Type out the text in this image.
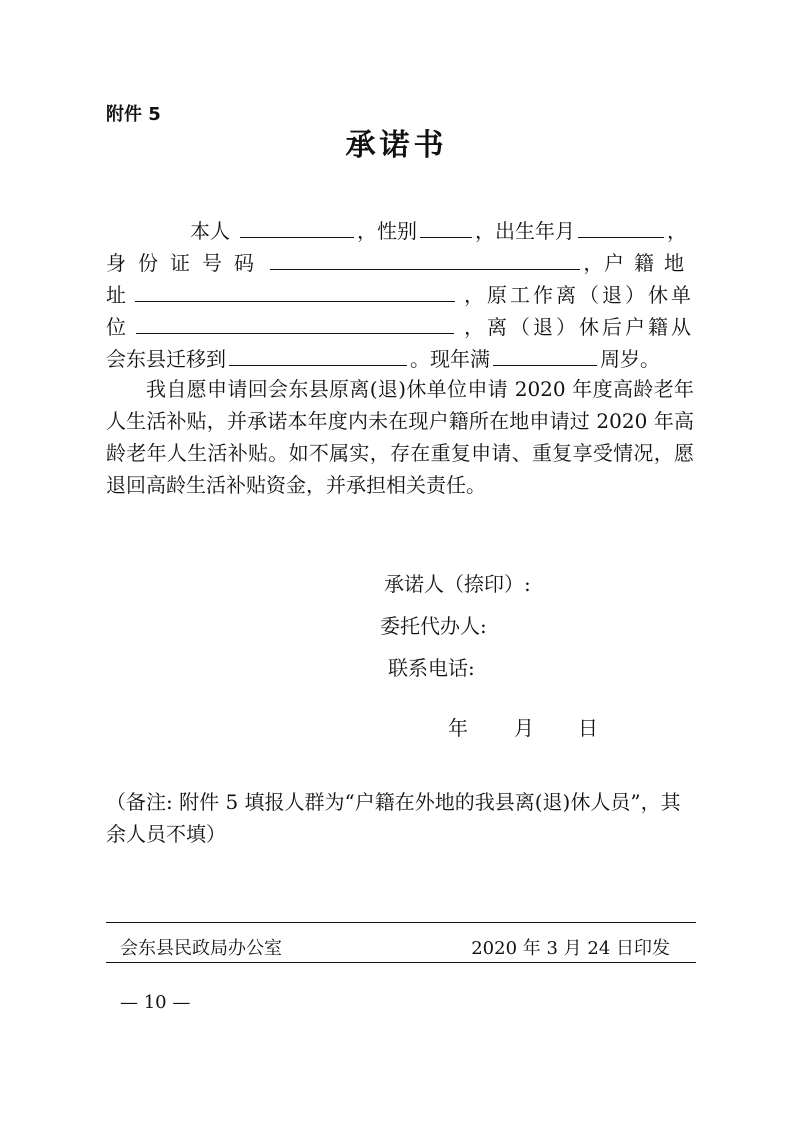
附件 5
承诺书
本人	，性别	，出生年月	，
身份证号码	， 户籍地
址	，原工作离（退）休单
位	，离（退）休后户籍从
会东县迁移到	。现年满	周岁。
我自愿申请回会东县原离(退)休单位申请 2020 年度高龄老年人生活补贴，并承诺本年度内未在现户籍所在地申请过 2020 年高龄老年人生活补贴。如不属实，存在重复申请、重复享受情况，愿退回高龄生活补贴资金，并承担相关责任。
承诺人（捺印）:
委托代办人:
联系电话:
年 月 日
（备注: 附件 5 填报人群为“户籍在外地的我县离(退)休人员”，其余人员不填）
会东县民政局办公室	2020 年 3 月 24 日印发
— 10 —
